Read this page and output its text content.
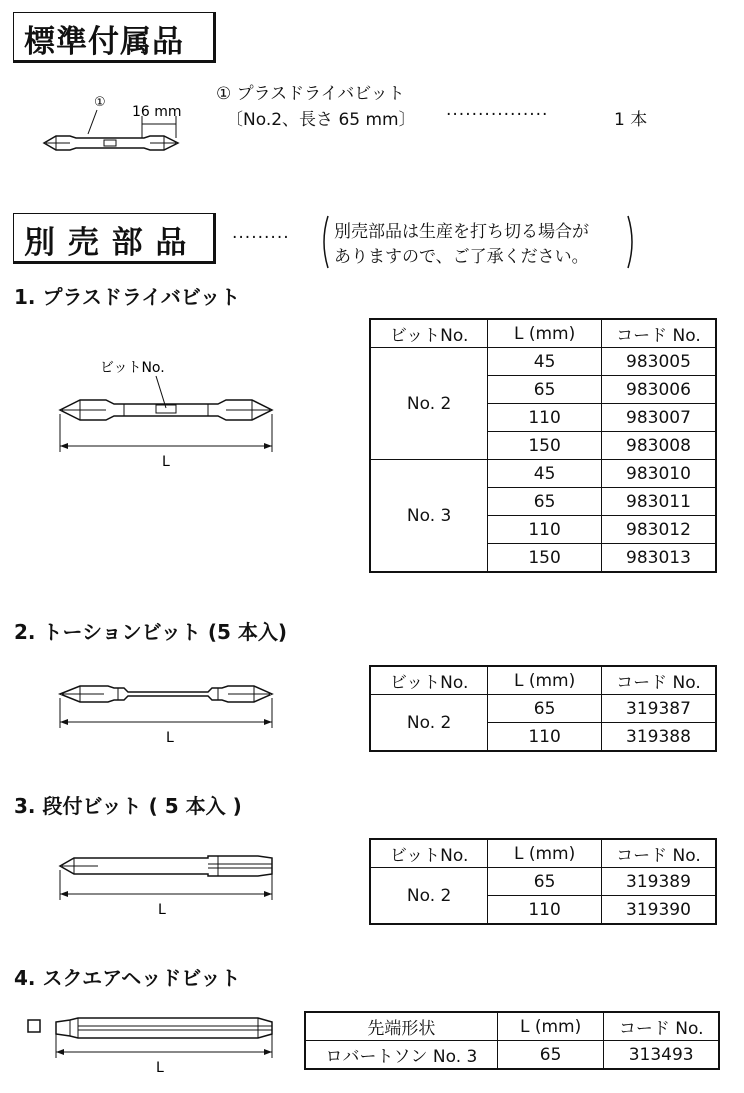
標準付属品
①
16 mm
① プラスドライバビット
〔No.2、長さ 65 mm〕 ················	1 本
別 売 部 品	·········	別売部品は生産を打ち切る場合が
ありますので、ご了承ください。
1. プラスドライバビット
ビットNo.
L
ビットNo.	L (mm)	コード No.
No. 2	45	983005
	65	983006
	110	983007
	150	983008
No. 3	45	983010
	65	983011
	110	983012
	150	983013
2. トーションビット (5 本入)
L
ビットNo.	L (mm)	コード No.
No. 2	65	319387
	110	319388
3. 段付ビット ( 5 本入 )
L
ビットNo.	L (mm)	コード No.
No. 2	65	319389
	110	319390
4. スクエアヘッドビット
L
先端形状	L (mm)	コード No.
ロバートソン No. 3	65	313493
